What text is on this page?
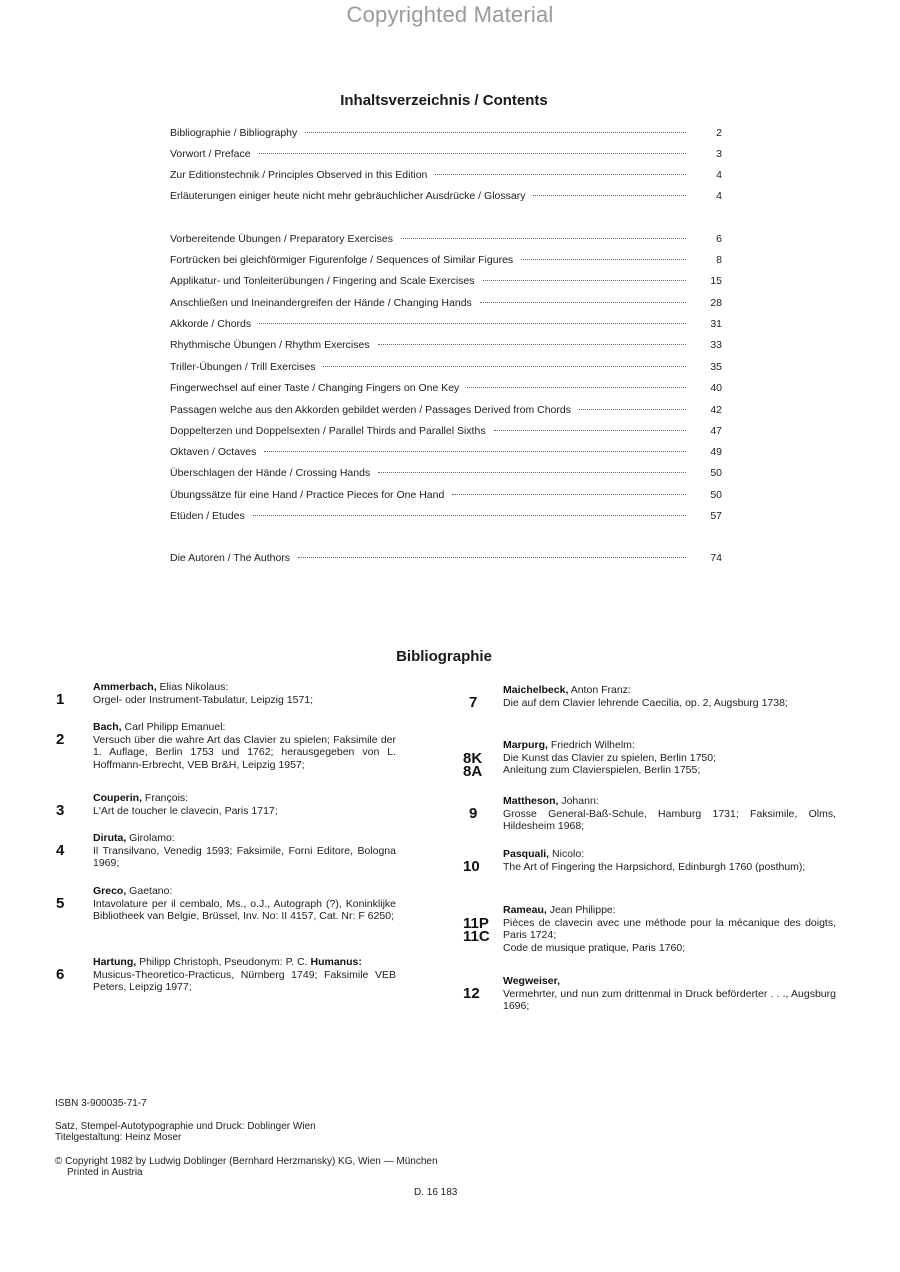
Copyrighted Material
Inhaltsverzeichnis / Contents
Bibliographie / Bibliography	2
Vorwort / Preface	3
Zur Editionstechnik / Principles Observed in this Edition	4
Erläuterungen einiger heute nicht mehr gebräuchlicher Ausdrücke / Glossary	4
Vorbereitende Übungen / Preparatory Exercises	6
Fortrücken bei gleichförmiger Figurenfolge / Sequences of Similar Figures	8
Applikatur- und Tonleiterübungen / Fingering and Scale Exercises	15
Anschließen und Ineinandergreifen der Hände / Changing Hands	28
Akkorde / Chords	31
Rhythmische Übungen / Rhythm Exercises	33
Triller-Übungen / Trill Exercises	35
Fingerwechsel auf einer Taste / Changing Fingers on One Key	40
Passagen welche aus den Akkorden gebildet werden / Passages Derived from Chords	42
Doppelterzen und Doppelsexten / Parallel Thirds and Parallel Sixths	47
Oktaven / Octaves	49
Überschlagen der Hände / Crossing Hands	50
Übungssätze für eine Hand / Practice Pieces for One Hand	50
Etüden / Etudes	57
Die Autoren / The Authors	74
Bibliographie
1

Ammerbach, Elias Nikolaus:

Orgel- oder Instrument-Tabulatur, Leipzig 1571;

2

Bach, Carl Philipp Emanuel:

Versuch über die wahre Art das Clavier zu spielen; Faksimile der 1. Auflage, Berlin 1753 und 1762; herausgegeben von L. Hoffmann-Erbrecht, VEB Br&H, Leipzig 1957;

3

Couperin, François:

L'Art de toucher le clavecin, Paris 1717;

4

Diruta, Girolamo:

Il Transilvano, Venedig 1593; Faksimile, Forni Editore, Bologna 1969;

5

Greco, Gaetano:

Intavolature per il cembalo, Ms., o.J., Autograph (?), Koninklijke Bibliotheek van Belgie, Brüssel, Inv. No: II 4157, Cat. Nr: F 6250;

6

Hartung, Philipp Christoph, Pseudonym: P. C. Humanus:

Musicus-Theoretico-Practicus, Nürnberg 1749; Faksimile VEB Peters, Leipzig 1977;

7

Maichelbeck, Anton Franz:

Die auf dem Clavier lehrende Caecilia, op. 2, Augsburg 1738;

8K
8A

Marpurg, Friedrich Wilhelm:

Die Kunst das Clavier zu spielen, Berlin 1750;

Anleitung zum Clavierspielen, Berlin 1755;

9

Mattheson, Johann:

Grosse General-Baß-Schule, Hamburg 1731; Faksimile, Olms, Hildesheim 1968;

10

Pasquali, Nicolo:

The Art of Fingering the Harpsichord, Edinburgh 1760 (posthum);

11P
11C

Rameau, Jean Philippe:

Pièces de clavecin avec une méthode pour la mécanique des doigts, Paris 1724;

Code de musique pratique, Paris 1760;

12

Wegweiser,

Vermehrter, und nun zum drittenmal in Druck beförderter . . ., Augsburg 1696;

ISBN 3-900035-71-7
Satz, Stempel-Autotypographie und Druck: Doblinger Wien
Titelgestaltung: Heinz Moser
© Copyright 1982 by Ludwig Doblinger (Bernhard Herzmansky) KG, Wien — München
Printed in Austria
D. 16 183
